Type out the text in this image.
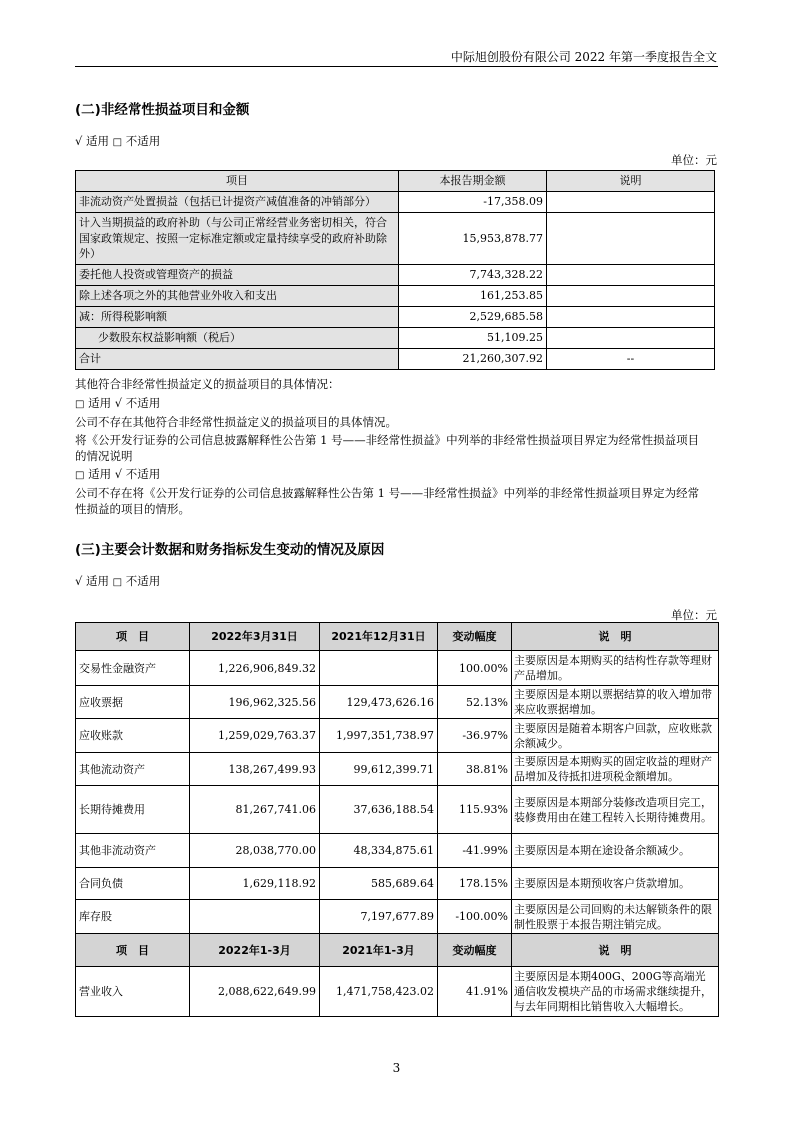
中际旭创股份有限公司 2022 年第一季度报告全文
(二)非经常性损益项目和金额
√ 适用 □ 不适用
单位：元
项目	本报告期金额	说明
非流动资产处置损益（包括已计提资产减值准备的冲销部分）	-17,358.09	
计入当期损益的政府补助（与公司正常经营业务密切相关，符合国家政策规定、按照一定标准定额或定量持续享受的政府补助除外）	15,953,878.77	
委托他人投资或管理资产的损益	7,743,328.22	
除上述各项之外的其他营业外收入和支出	161,253.85	
减：所得税影响额	2,529,685.58	
少数股东权益影响额（税后）	51,109.25	
合计	21,260,307.92	--
其他符合非经常性损益定义的损益项目的具体情况：
□ 适用 √ 不适用
公司不存在其他符合非经常性损益定义的损益项目的具体情况。
将《公开发行证券的公司信息披露解释性公告第 1 号——非经常性损益》中列举的非经常性损益项目界定为经常性损益项目
的情况说明
□ 适用 √ 不适用
公司不存在将《公开发行证券的公司信息披露解释性公告第 1 号——非经常性损益》中列举的非经常性损益项目界定为经常
性损益的项目的情形。
(三)主要会计数据和财务指标发生变动的情况及原因
√ 适用 □ 不适用
单位：元
项　目	2022年3月31日	2021年12月31日	变动幅度	说　明
交易性金融资产	1,226,906,849.32		100.00%	主要原因是本期购买的结构性存款等理财产品增加。
应收票据	196,962,325.56	129,473,626.16	52.13%	主要原因是本期以票据结算的收入增加带来应收票据增加。
应收账款	1,259,029,763.37	1,997,351,738.97	-36.97%	主要原因是随着本期客户回款，应收账款余额减少。
其他流动资产	138,267,499.93	99,612,399.71	38.81%	主要原因是本期购买的固定收益的理财产品增加及待抵扣进项税金额增加。
长期待摊费用	81,267,741.06	37,636,188.54	115.93%	主要原因是本期部分装修改造项目完工，装修费用由在建工程转入长期待摊费用。
其他非流动资产	28,038,770.00	48,334,875.61	-41.99%	主要原因是本期在途设备余额减少。
合同负债	1,629,118.92	585,689.64	178.15%	主要原因是本期预收客户货款增加。
库存股		7,197,677.89	-100.00%	主要原因是公司回购的未达解锁条件的限制性股票于本报告期注销完成。
项　目	2022年1-3月	2021年1-3月	变动幅度	说　明
营业收入	2,088,622,649.99	1,471,758,423.02	41.91%	主要原因是本期400G、200G等高端光通信收发模块产品的市场需求继续提升，与去年同期相比销售收入大幅增长。
3
